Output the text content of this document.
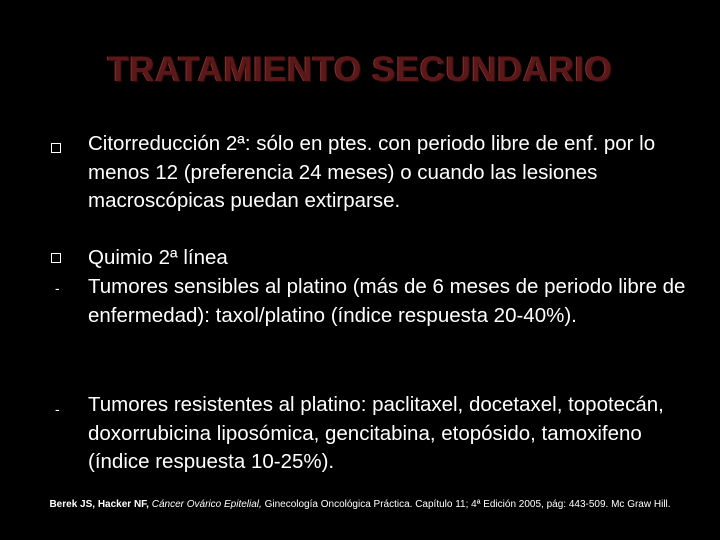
TRATAMIENTO SECUNDARIO

Citorreducción 2ª: sólo en ptes. con periodo libre de enf. por lo menos 12 (preferencia 24 meses) o cuando las lesiones macroscópicas puedan extirparse.

Quimio 2ª línea

- Tumores sensibles al platino (más de 6 meses de periodo libre de enfermedad): taxol/platino (índice respuesta 20-40%).

- Tumores resistentes al platino: paclitaxel, docetaxel, topotecán, doxorrubicina liposómica, gencitabina, etopósido, tamoxifeno (índice respuesta 10-25%).

Berek JS, Hacker NF, Cáncer Ovárico Epitelial, Ginecología Oncológica Práctica. Capítulo 11; 4ª Edición 2005, pág: 443-509. Mc Graw Hill.
